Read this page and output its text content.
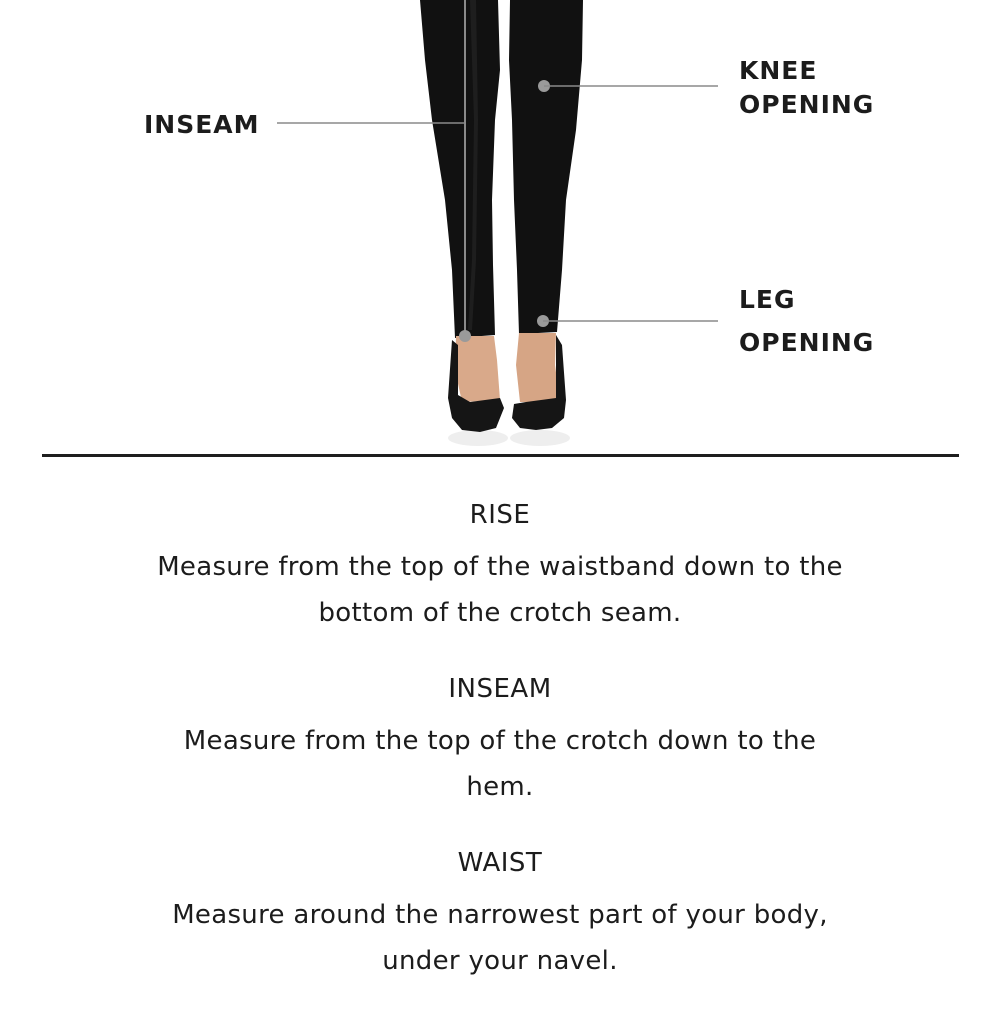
INSEAM
KNEE
OPENING
LEG
OPENING
RISE
Measure from the top of the waistband down to the bottom of the crotch seam.
INSEAM
Measure from the top of the crotch down to the hem.
WAIST
Measure around the narrowest part of your body, under your navel.
